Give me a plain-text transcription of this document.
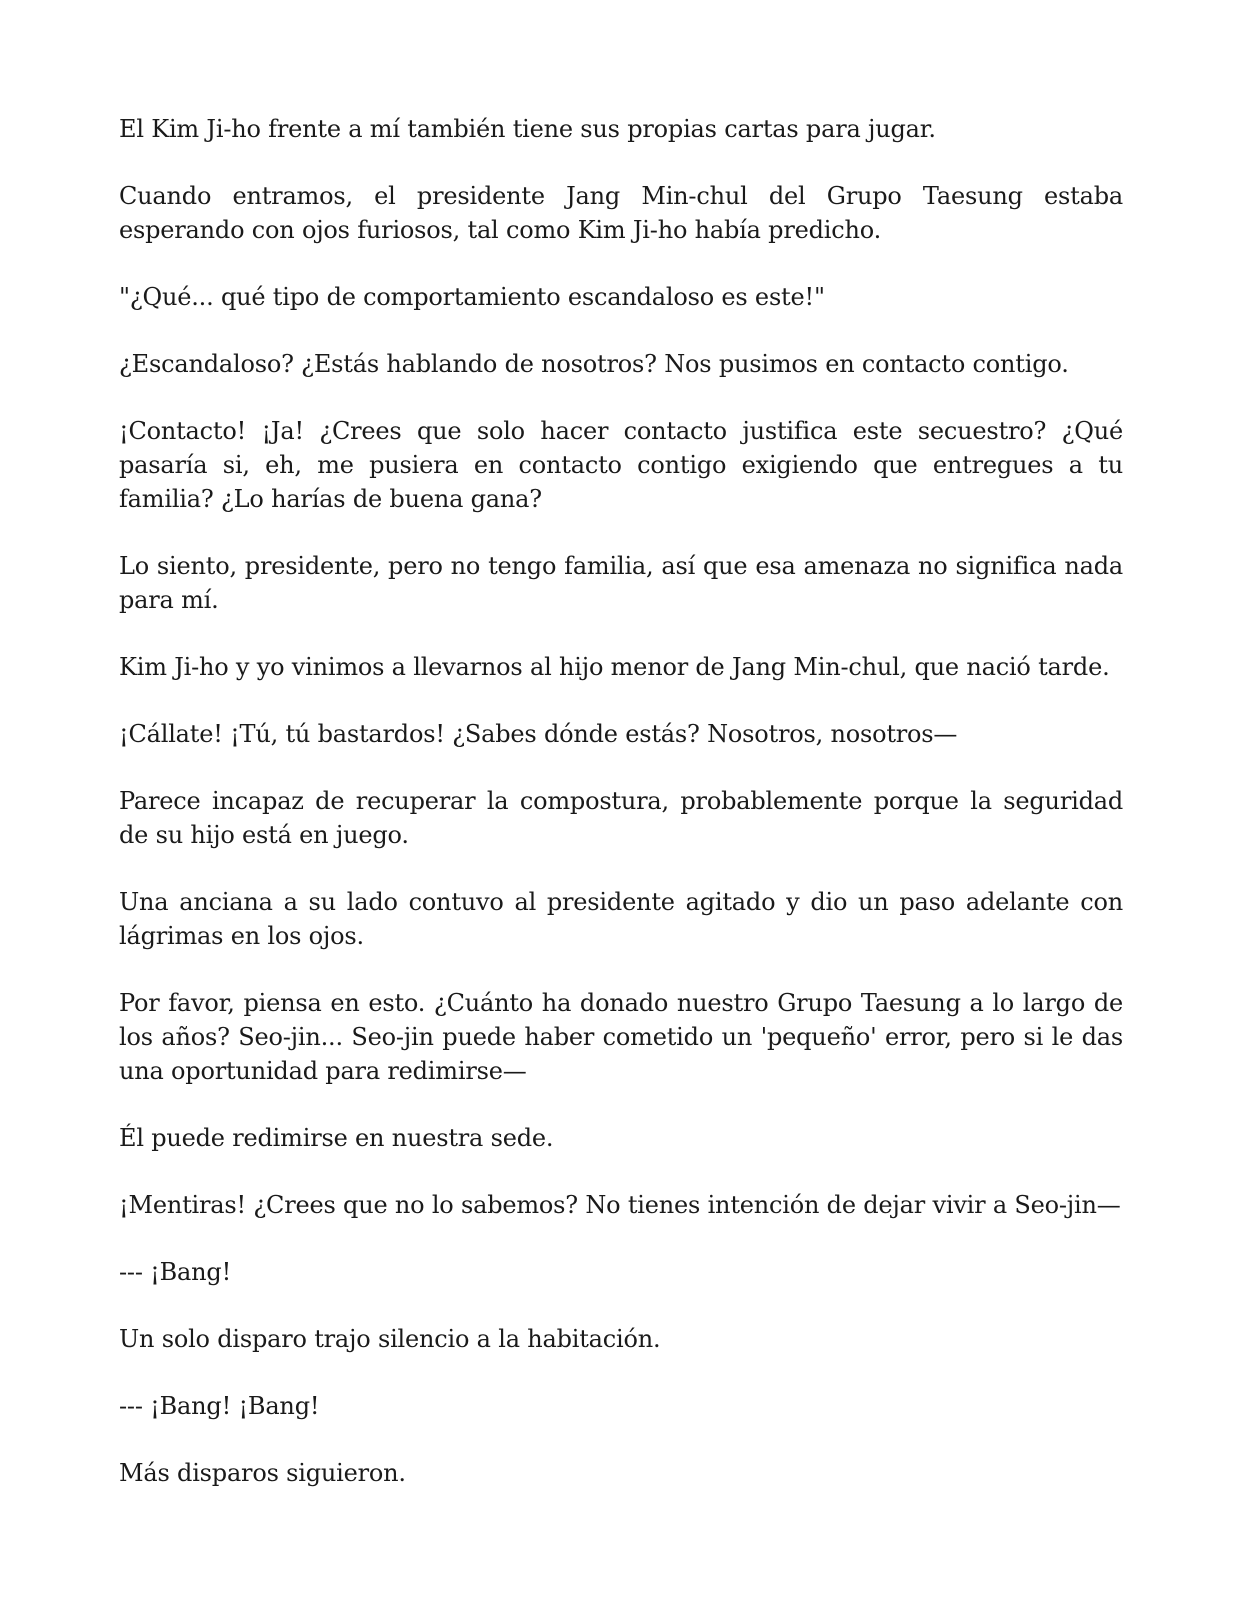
El Kim Ji-ho frente a mí también tiene sus propias cartas para jugar.

Cuando entramos, el presidente Jang Min-chul del Grupo Taesung estaba esperando con ojos furiosos, tal como Kim Ji-ho había predicho.

"¿Qué... qué tipo de comportamiento escandaloso es este!"

¿Escandaloso? ¿Estás hablando de nosotros? Nos pusimos en contacto contigo.

¡Contacto! ¡Ja! ¿Crees que solo hacer contacto justifica este secuestro? ¿Qué pasaría si, eh, me pusiera en contacto contigo exigiendo que entregues a tu familia? ¿Lo harías de buena gana?

Lo siento, presidente, pero no tengo familia, así que esa amenaza no significa nada para mí.

Kim Ji-ho y yo vinimos a llevarnos al hijo menor de Jang Min-chul, que nació tarde.

¡Cállate! ¡Tú, tú bastardos! ¿Sabes dónde estás? Nosotros, nosotros—

Parece incapaz de recuperar la compostura, probablemente porque la seguridad de su hijo está en juego.

Una anciana a su lado contuvo al presidente agitado y dio un paso adelante con lágrimas en los ojos.

Por favor, piensa en esto. ¿Cuánto ha donado nuestro Grupo Taesung a lo largo de los años? Seo-jin... Seo-jin puede haber cometido un 'pequeño' error, pero si le das una oportunidad para redimirse—

Él puede redimirse en nuestra sede.

¡Mentiras! ¿Crees que no lo sabemos? No tienes intención de dejar vivir a Seo-jin—

--- ¡Bang!

Un solo disparo trajo silencio a la habitación.

--- ¡Bang! ¡Bang!

Más disparos siguieron.
